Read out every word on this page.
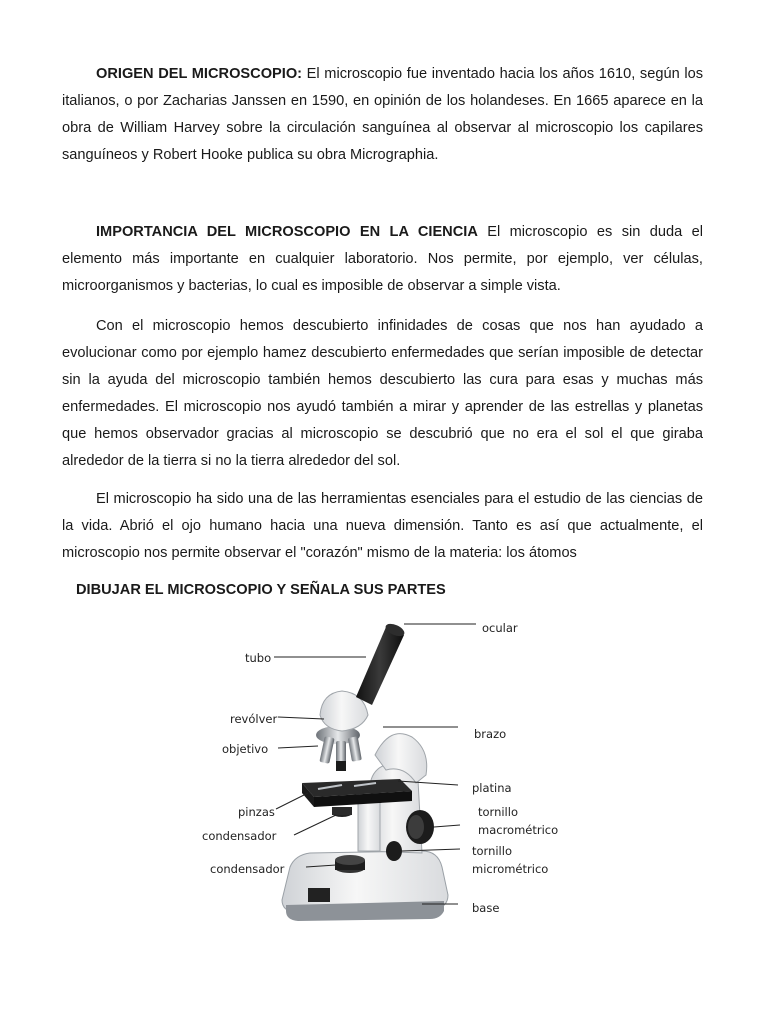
ORIGEN DEL MICROSCOPIO: El microscopio fue inventado hacia los años 1610, según los italianos, o por Zacharias Janssen en 1590, en opinión de los holandeses. En 1665 aparece en la obra de William Harvey sobre la circulación sanguínea al observar al microscopio los capilares sanguíneos y Robert Hooke publica su obra Micrographia.

IMPORTANCIA DEL MICROSCOPIO EN LA CIENCIA El microscopio es sin duda el elemento más importante en cualquier laboratorio. Nos permite, por ejemplo, ver células, microorganismos y bacterias, lo cual es imposible de observar a simple vista.

Con el microscopio hemos descubierto infinidades de cosas que nos han ayudado a evolucionar como por ejemplo hamez descubierto enfermedades que serían imposible de detectar sin la ayuda del microscopio también hemos descubierto las cura para esas y muchas más enfermedades. El microscopio nos ayudó también a mirar y aprender de las estrellas y planetas que hemos observador gracias al microscopio se descubrió que no era el sol el que giraba alrededor de la tierra si no la tierra alrededor del sol.

El microscopio ha sido una de las herramientas esenciales para el estudio de las ciencias de la vida. Abrió el ojo humano hacia una nueva dimensión. Tanto es así que actualmente, el microscopio nos permite observar el "corazón" mismo de la materia: los átomos

DIBUJAR EL MICROSCOPIO Y SEÑALA SUS PARTES

ocular
tubo
revólver
objetivo
brazo
platina
pinzas	tornillo
macrométrico
condensador
tornillo
micrométrico
condensador
base
